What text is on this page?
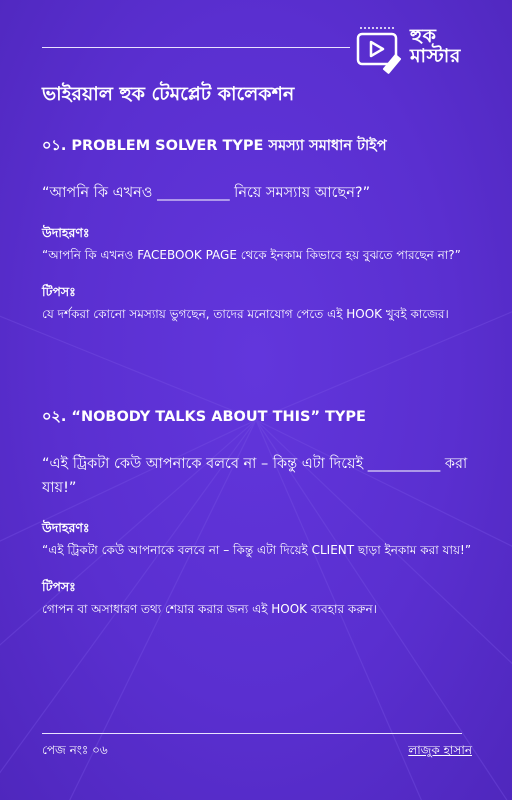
হুক
মাস্টার
ভাইরয়াল হুক টেমপ্লেট কালেকশন
০১. PROBLEM SOLVER TYPE সমস্যা সমাধান টাইপ
“আপনি কি এখনও __________ নিয়ে সমস্যায় আছেন?”
উদাহরণঃ
“আপনি কি এখনও FACEBOOK PAGE থেকে ইনকাম কিভাবে হয় বুঝতে পারছেন না?”
টিপসঃ
যে দর্শকরা কোনো সমস্যায় ভুগছেন, তাদের মনোযোগ পেতে এই HOOK খুবই কাজের।
০২. “NOBODY TALKS ABOUT THIS” TYPE
“এই ট্রিকটা কেউ আপনাকে বলবে না – কিন্তু এটা দিয়েই __________ করা যায়!”
উদাহরণঃ
“এই ট্রিকটা কেউ আপনাকে বলবে না – কিন্তু এটা দিয়েই CLIENT ছাড়া ইনকাম করা যায়!”
টিপসঃ
গোপন বা অসাধারণ তথ্য শেয়ার করার জন্য এই HOOK ব্যবহার করুন।
পেজ নংঃ ০৬	লাজুক হাসান
